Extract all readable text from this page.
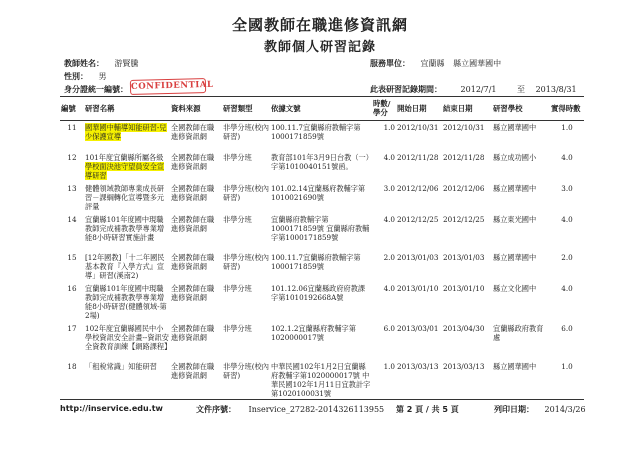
全國教師在職進修資訊網
教師個人研習記錄
教師姓名： 游賢騰
性別： 男
身分證統一編號： CONFIDENTIAL
服務單位： 宜蘭縣 縣立國華國中
此表研習記錄期間： 2012/7/1	至 2013/8/31
編號	研習名稱	資料來源	研習類型	依據文號	時數/學分	開始日期	結束日期	研習學校	實得時數
11	國華國中輔導知能研習-兒少保護宣導	全國教師在職進修資訊網	非學分班(校內研習)	100.11.7宜蘭縣府教輔字第1000171859號	1.0	2012/10/31	2012/10/31	縣立國華國中	1.0
12	101年度宜蘭縣所屬各級學校面決池守望員安全宣導研習	全國教師在職進修資訊網	非學分班	教育部101年3月9日台教（一）字第1010040151號函。	4.0	2012/11/28	2012/11/28	縣立成功國小	4.0
13	健體領域教師專業成長研習－課綱轉化宣導暨多元評量	全國教師在職進修資訊網	非學分班(校內研習)	101.02.14宜蘭縣府教輔字第1010021690號	3.0	2012/12/06	2012/12/06	縣立國華國中	3.0
14	宜蘭縣101年度國中現職教師完成補教教學專業增能8小時研習實施計畫	全國教師在職進修資訊網	非學分班	宜蘭縣府教輔字第1000171859號 宜蘭縣府教輔字第1000171859號	4.0	2012/12/25	2012/12/25	縣立東光國中	4.0
15	[12年國教]「十二年國民基本教育『入學方式』宣導」研習(溪南2)	全國教師在職進修資訊網	非學分班(校內研習)	100.11.7宜蘭縣府教輔字第1000171859號	2.0	2013/01/03	2013/01/03	縣立國華國中	2.0
16	宜蘭縣101年度國中現職教師完成補教教學專業增能8小時研習(健體領域-第2場)	全國教師在職進修資訊網	非學分班	101.12.06宜蘭縣政府府教課字第1010192668A號	4.0	2013/01/10	2013/01/10	縣立文化國中	4.0
17	102年度宜蘭縣國民中小學校資訊安全計畫--資訊安全資教育訓練【網路課程】	全國教師在職進修資訊網	非學分班	102.1.2宜蘭縣府教輔字第1020000017號	6.0	2013/03/01	2013/04/30	宜蘭縣政府教育處	6.0
18	「租稅常識」知能研習	全國教師在職進修資訊網	非學分班(校內研習)	中華民國102年1月2日宜蘭縣府教輔字第1020000017號 中華民國102年1月11日宜教計字第1020100031號	1.0	2013/03/13	2013/03/13	縣立國華國中	1.0
http://inservice.edu.tw	文件序號： Inservice_27282-2014326113955 第 2 頁 / 共 5 頁	列印日期： 2014/3/26
